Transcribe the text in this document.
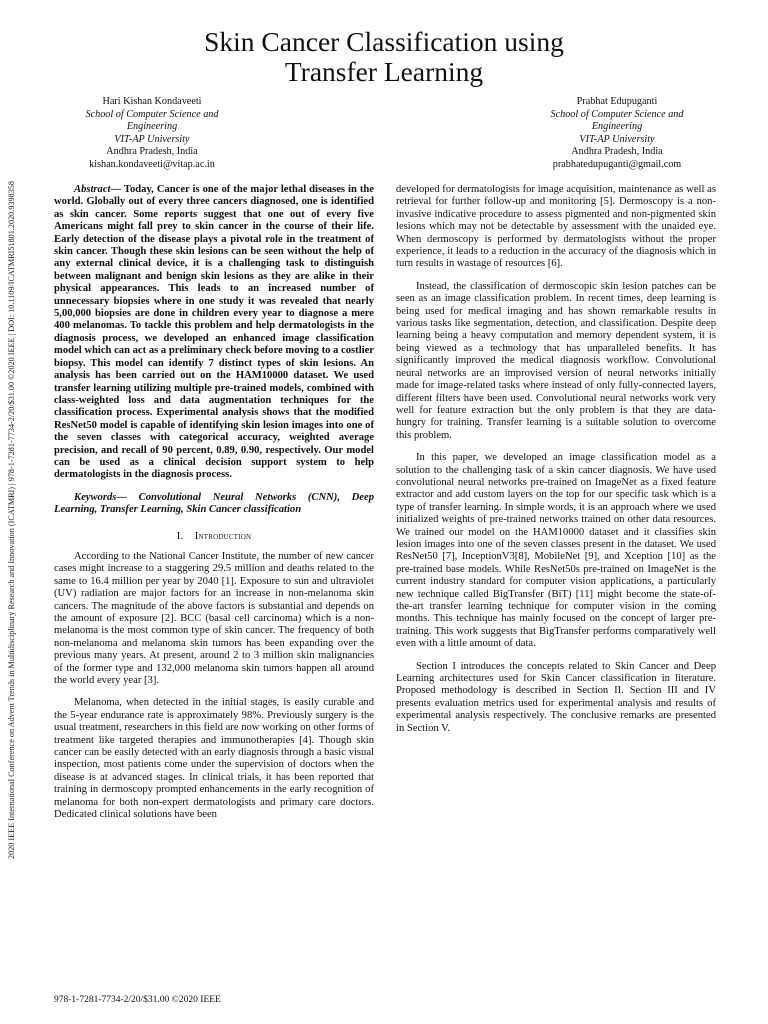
2020 IEEE International Conference on Advent Trends in Multidisciplinary Research and Innovation (ICATMRI) | 978-1-7281-7734-2/20/$31.00 ©2020 IEEE | DOI: 10.1109/ICATMRI51801.2020.9398358
Skin Cancer Classification using
Transfer Learning
Hari Kishan Kondaveeti
School of Computer Science and
Engineering
VIT-AP University
Andhra Pradesh, India
kishan.kondaveeti@vitap.ac.in
Prabhat Edupuganti
School of Computer Science and
Engineering
VIT-AP University
Andhra Pradesh, India
prabhatedupuganti@gmail.com

Abstract— Today, Cancer is one of the major lethal diseases in the world. Globally out of every three cancers diagnosed, one is identified as skin cancer. Some reports suggest that one out of every five Americans might fall prey to skin cancer in the course of their life. Early detection of the disease plays a pivotal role in the treatment of skin cancer. Though these skin lesions can be seen without the help of any external clinical device, it is a challenging task to distinguish between malignant and benign skin lesions as they are alike in their physical appearances. This leads to an increased number of unnecessary biopsies where in one study it was revealed that nearly 5,00,000 biopsies are done in children every year to diagnose a mere 400 melanomas. To tackle this problem and help dermatologists in the diagnosis process, we developed an enhanced image classification model which can act as a preliminary check before moving to a costlier biopsy. This model can identify 7 distinct types of skin lesions. An analysis has been carried out on the HAM10000 dataset. We used transfer learning utilizing multiple pre-trained models, combined with class-weighted loss and data augmentation techniques for the classification process. Experimental analysis shows that the modified ResNet50 model is capable of identifying skin lesion images into one of the seven classes with categorical accuracy, weighted average precision, and recall of 90 percent, 0.89, 0.90, respectively. Our model can be used as a clinical decision support system to help dermatologists in the diagnosis process.

Keywords— Convolutional Neural Networks (CNN), Deep Learning, Transfer Learning, Skin Cancer classification

I. Introduction

According to the National Cancer Institute, the number of new cancer cases might increase to a staggering 29.5 million and deaths related to the same to 16.4 million per year by 2040 [1]. Exposure to sun and ultraviolet (UV) radiation are major factors for an increase in non-melanoma skin cancers. The magnitude of the above factors is substantial and depends on the amount of exposure [2]. BCC (basal cell carcinoma) which is a non-melanoma is the most common type of skin cancer. The frequency of both non-melanoma and melanoma skin tumors has been expanding over the previous many years. At present, around 2 to 3 million skin malignancies of the former type and 132,000 melanoma skin tumors happen all around the world every year [3].

Melanoma, when detected in the initial stages, is easily curable and the 5-year endurance rate is approximately 98%. Previously surgery is the usual treatment, researchers in this field are now working on other forms of treatment like targeted therapies and immunotherapies [4]. Though skin cancer can be easily detected with an early diagnosis through a basic visual inspection, most patients come under the supervision of doctors when the disease is at advanced stages. In clinical trials, it has been reported that training in dermoscopy prompted enhancements in the early recognition of melanoma for both non-expert dermatologists and primary care doctors. Dedicated clinical solutions have been

developed for dermatologists for image acquisition, maintenance as well as retrieval for further follow-up and monitoring [5]. Dermoscopy is a non-invasive indicative procedure to assess pigmented and non-pigmented skin lesions which may not be detectable by assessment with the unaided eye. When dermoscopy is performed by dermatologists without the proper experience, it leads to a reduction in the accuracy of the diagnosis which in turn results in wastage of resources [6].

Instead, the classification of dermoscopic skin lesion patches can be seen as an image classification problem. In recent times, deep learning is being used for medical imaging and has shown remarkable results in various tasks like segmentation, detection, and classification. Despite deep learning being a heavy computation and memory dependent system, it is being viewed as a technology that has unparalleled benefits. It has significantly improved the medical diagnosis workflow. Convolutional neural networks are an improvised version of neural networks initially made for image-related tasks where instead of only fully-connected layers, different filters have been used. Convolutional neural networks work very well for feature extraction but the only problem is that they are data-hungry for training. Transfer learning is a suitable solution to overcome this problem.

In this paper, we developed an image classification model as a solution to the challenging task of a skin cancer diagnosis. We have used convolutional neural networks pre-trained on ImageNet as a fixed feature extractor and add custom layers on the top for our specific task which is a type of transfer learning. In simple words, it is an approach where we used initialized weights of pre-trained networks trained on other data resources. We trained our model on the HAM10000 dataset and it classifies skin lesion images into one of the seven classes present in the dataset. We used ResNet50 [7], InceptionV3[8], MobileNet [9], and Xception [10] as the pre-trained base models. While ResNet50s pre-trained on ImageNet is the current industry standard for computer vision applications, a particularly new technique called BigTransfer (BiT) [11] might become the state-of-the-art transfer learning technique for computer vision in the coming months. This technique has mainly focused on the concept of larger pre-training. This work suggests that BigTransfer performs comparatively well even with a little amount of data.

Section I introduces the concepts related to Skin Cancer and Deep Learning architectures used for Skin Cancer classification in literature. Proposed methodology is described in Section II. Section III and IV presents evaluation metrics used for experimental analysis and results of experimental analysis respectively. The conclusive remarks are presented in Section V.

978-1-7281-7734-2/20/$31.00 ©2020 IEEE
